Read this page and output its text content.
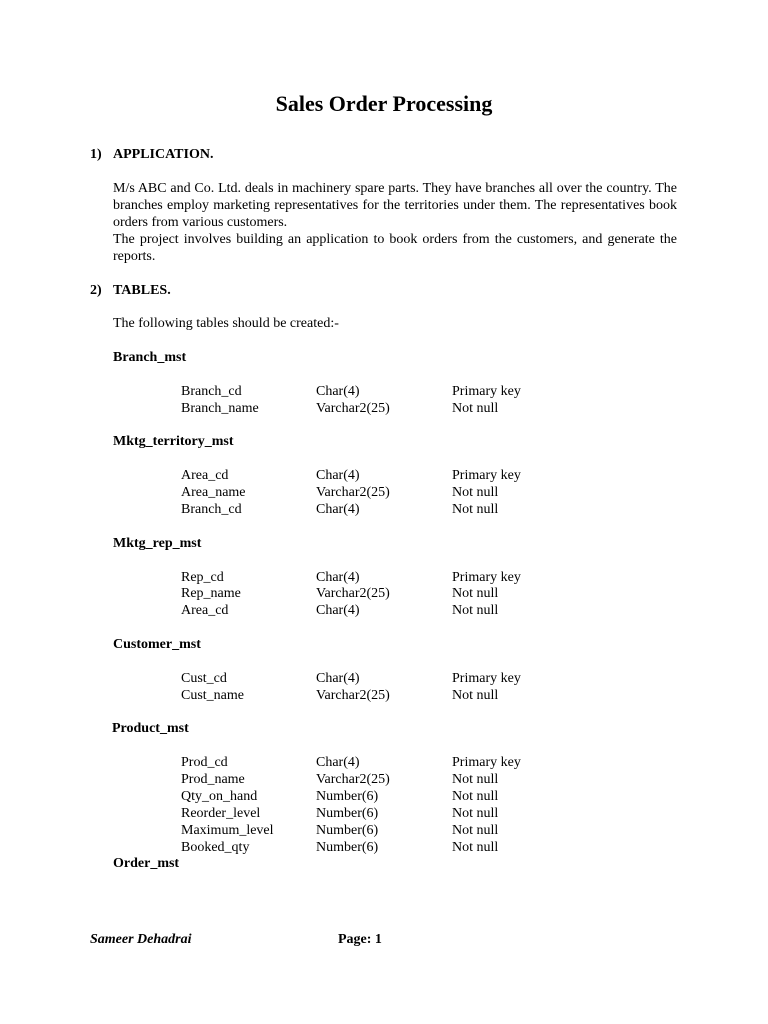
Sales Order Processing
1) APPLICATION.
M/s ABC and Co. Ltd. deals in machinery spare parts. They have branches all over the country. The branches employ marketing representatives for the territories under them. The representatives book orders from various customers.
The project involves building an application to book orders from the customers, and generate the reports.
2) TABLES.
The following tables should be created:-
Branch_mst
Branch_cd	Char(4)	Primary key
Branch_name	Varchar2(25)	Not null
Mktg_territory_mst
Area_cd	Char(4)	Primary key
Area_name	Varchar2(25)	Not null
Branch_cd	Char(4)	Not null
Mktg_rep_mst
Rep_cd	Char(4)	Primary key
Rep_name	Varchar2(25)	Not null
Area_cd	Char(4)	Not null
Customer_mst
Cust_cd	Char(4)	Primary key
Cust_name	Varchar2(25)	Not null
Product_mst
Prod_cd	Char(4)	Primary key
Prod_name	Varchar2(25)	Not null
Qty_on_hand	Number(6)	Not null
Reorder_level	Number(6)	Not null
Maximum_level	Number(6)	Not null
Booked_qty	Number(6)	Not null
Order_mst
Sameer Dehadrai	Page: 1
